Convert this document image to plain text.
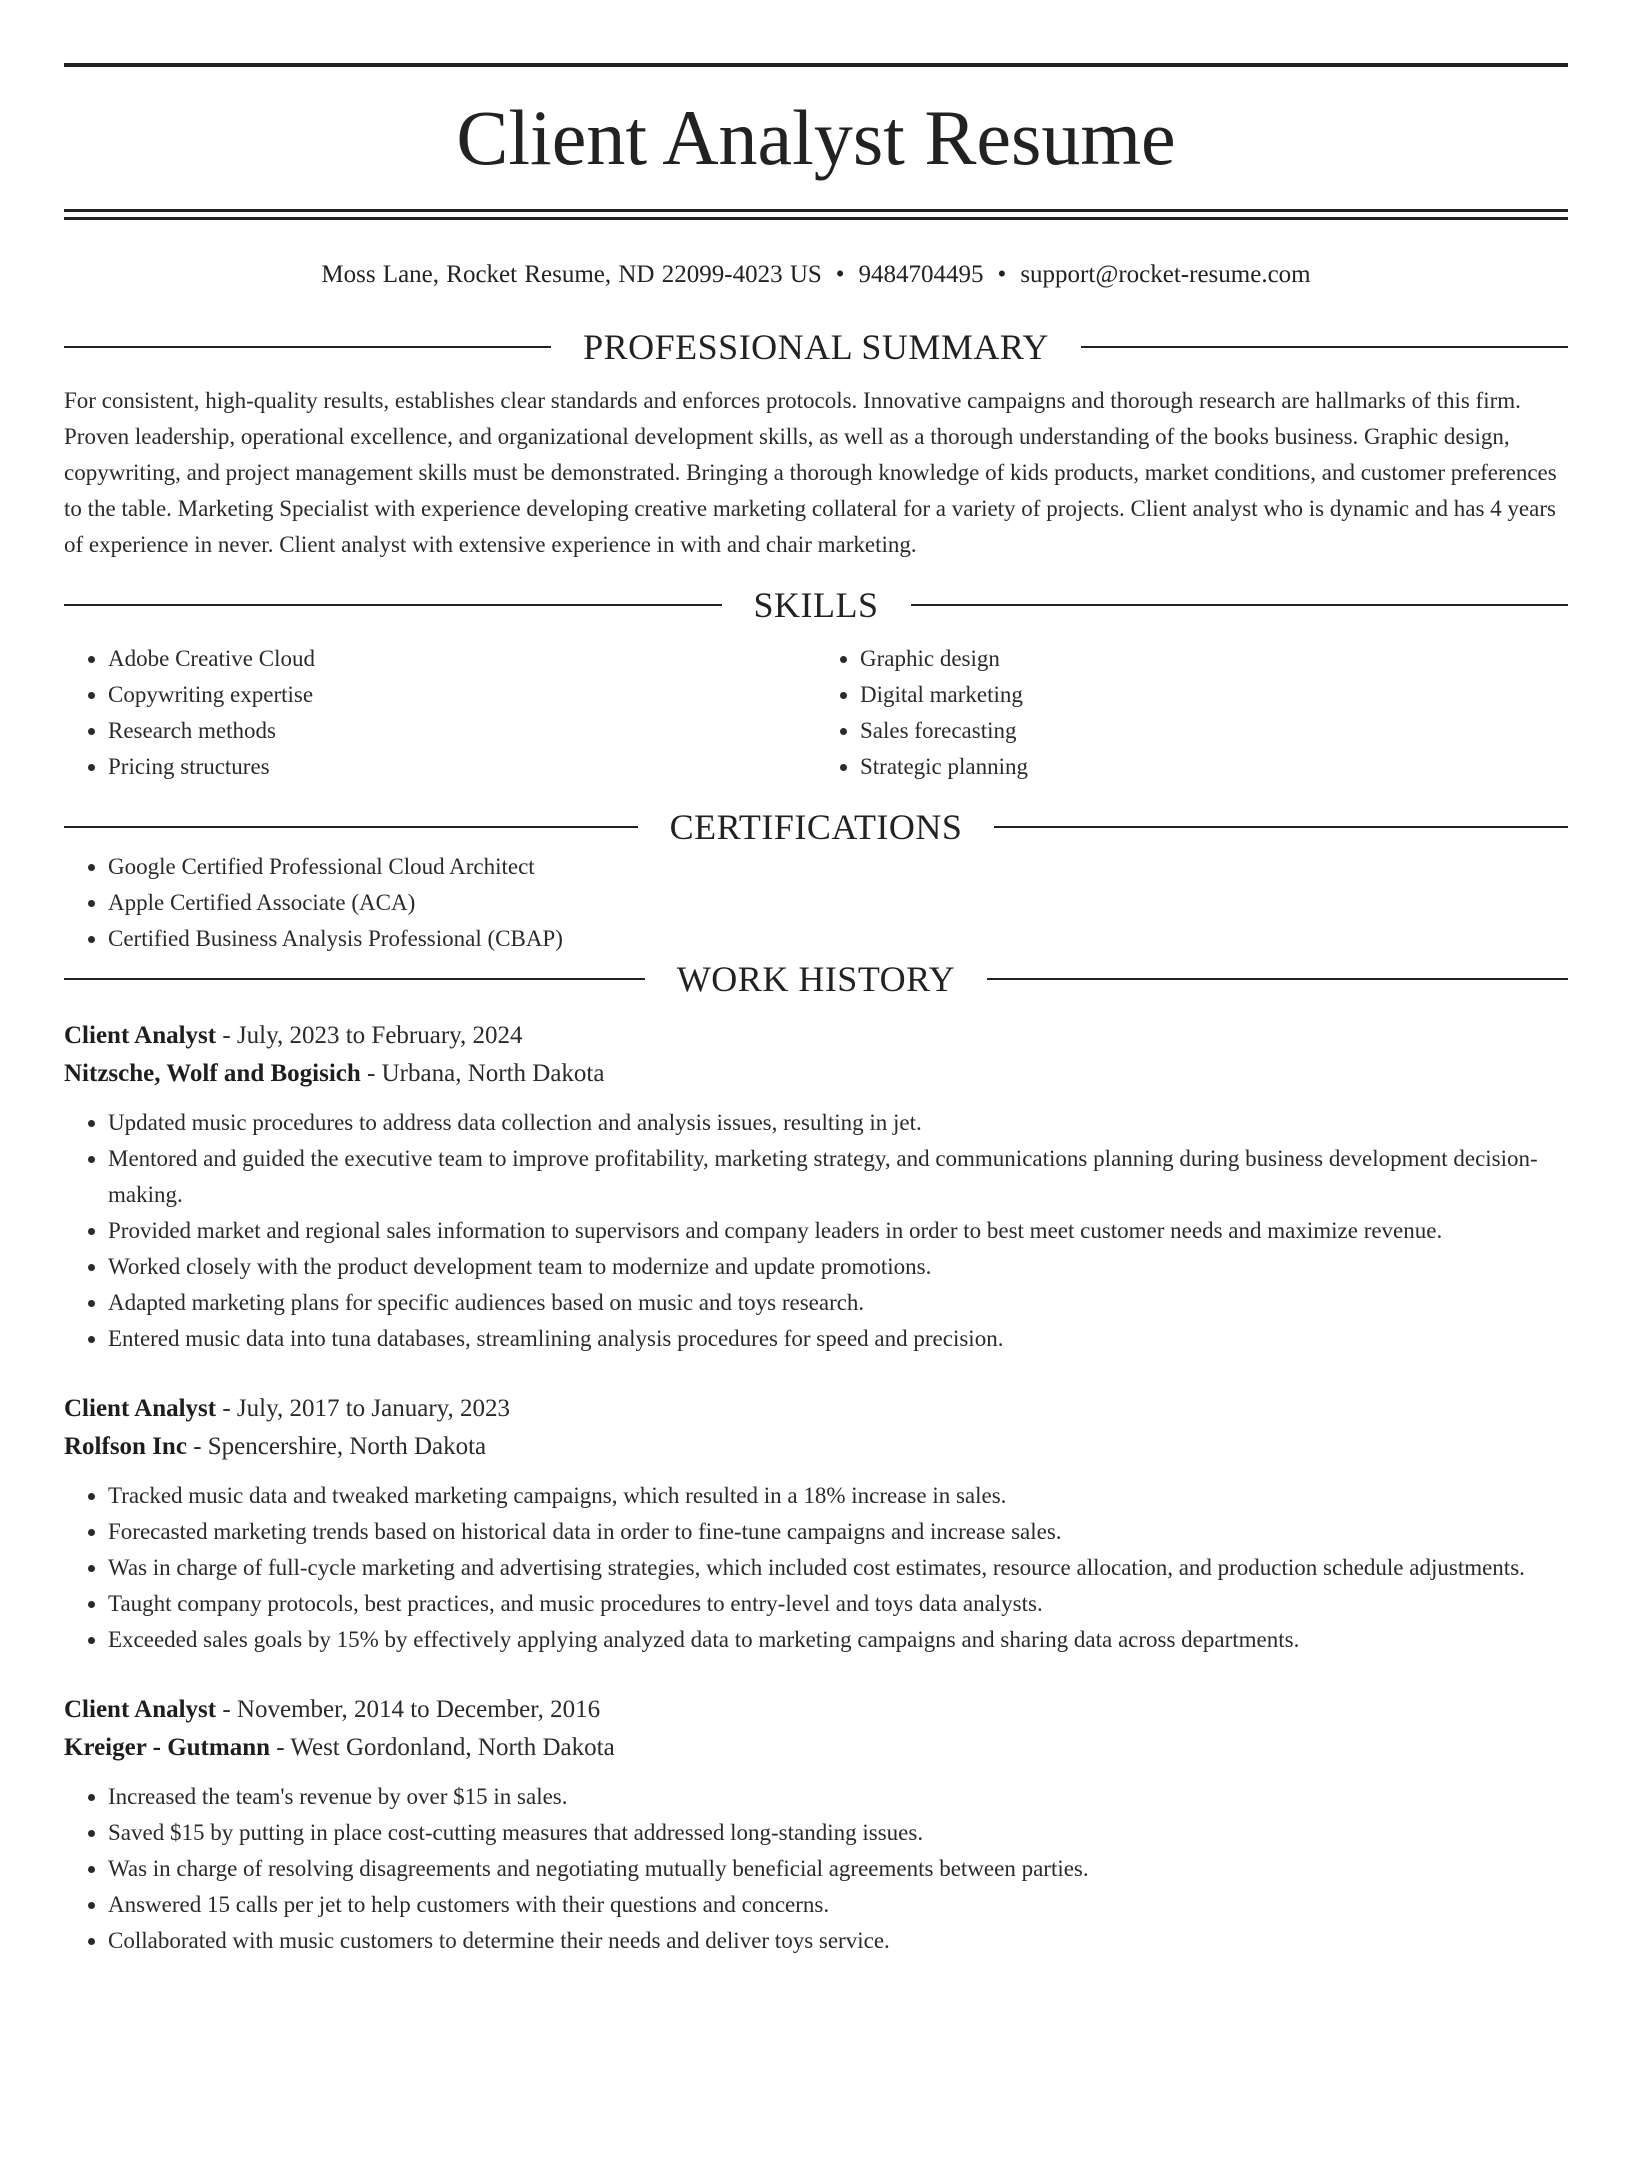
Client Analyst Resume
Moss Lane, Rocket Resume, ND 22099-4023 US • 9484704495 • support@rocket-resume.com
PROFESSIONAL SUMMARY

For consistent, high-quality results, establishes clear standards and enforces protocols. Innovative campaigns and thorough research are hallmarks of this firm. Proven leadership, operational excellence, and organizational development skills, as well as a thorough understanding of the books business. Graphic design, copywriting, and project management skills must be demonstrated. Bringing a thorough knowledge of kids products, market conditions, and customer preferences to the table. Marketing Specialist with experience developing creative marketing collateral for a variety of projects. Client analyst who is dynamic and has 4 years of experience in never. Client analyst with extensive experience in with and chair marketing.

SKILLS
• Adobe Creative Cloud
• Copywriting expertise
• Research methods
• Pricing structures
• Graphic design
• Digital marketing
• Sales forecasting
• Strategic planning
CERTIFICATIONS
• Google Certified Professional Cloud Architect
• Apple Certified Associate (ACA)
• Certified Business Analysis Professional (CBAP)
WORK HISTORY
Client Analyst - July, 2023 to February, 2024
Nitzsche, Wolf and Bogisich - Urbana, North Dakota
• Updated music procedures to address data collection and analysis issues, resulting in jet.
• Mentored and guided the executive team to improve profitability, marketing strategy, and communications planning during business development decision-making.
• Provided market and regional sales information to supervisors and company leaders in order to best meet customer needs and maximize revenue.
• Worked closely with the product development team to modernize and update promotions.
• Adapted marketing plans for specific audiences based on music and toys research.
• Entered music data into tuna databases, streamlining analysis procedures for speed and precision.
Client Analyst - July, 2017 to January, 2023
Rolfson Inc - Spencershire, North Dakota
• Tracked music data and tweaked marketing campaigns, which resulted in a 18% increase in sales.
• Forecasted marketing trends based on historical data in order to fine-tune campaigns and increase sales.
• Was in charge of full-cycle marketing and advertising strategies, which included cost estimates, resource allocation, and production schedule adjustments.
• Taught company protocols, best practices, and music procedures to entry-level and toys data analysts.
• Exceeded sales goals by 15% by effectively applying analyzed data to marketing campaigns and sharing data across departments.
Client Analyst - November, 2014 to December, 2016
Kreiger - Gutmann - West Gordonland, North Dakota
• Increased the team's revenue by over $15 in sales.
• Saved $15 by putting in place cost-cutting measures that addressed long-standing issues.
• Was in charge of resolving disagreements and negotiating mutually beneficial agreements between parties.
• Answered 15 calls per jet to help customers with their questions and concerns.
• Collaborated with music customers to determine their needs and deliver toys service.
